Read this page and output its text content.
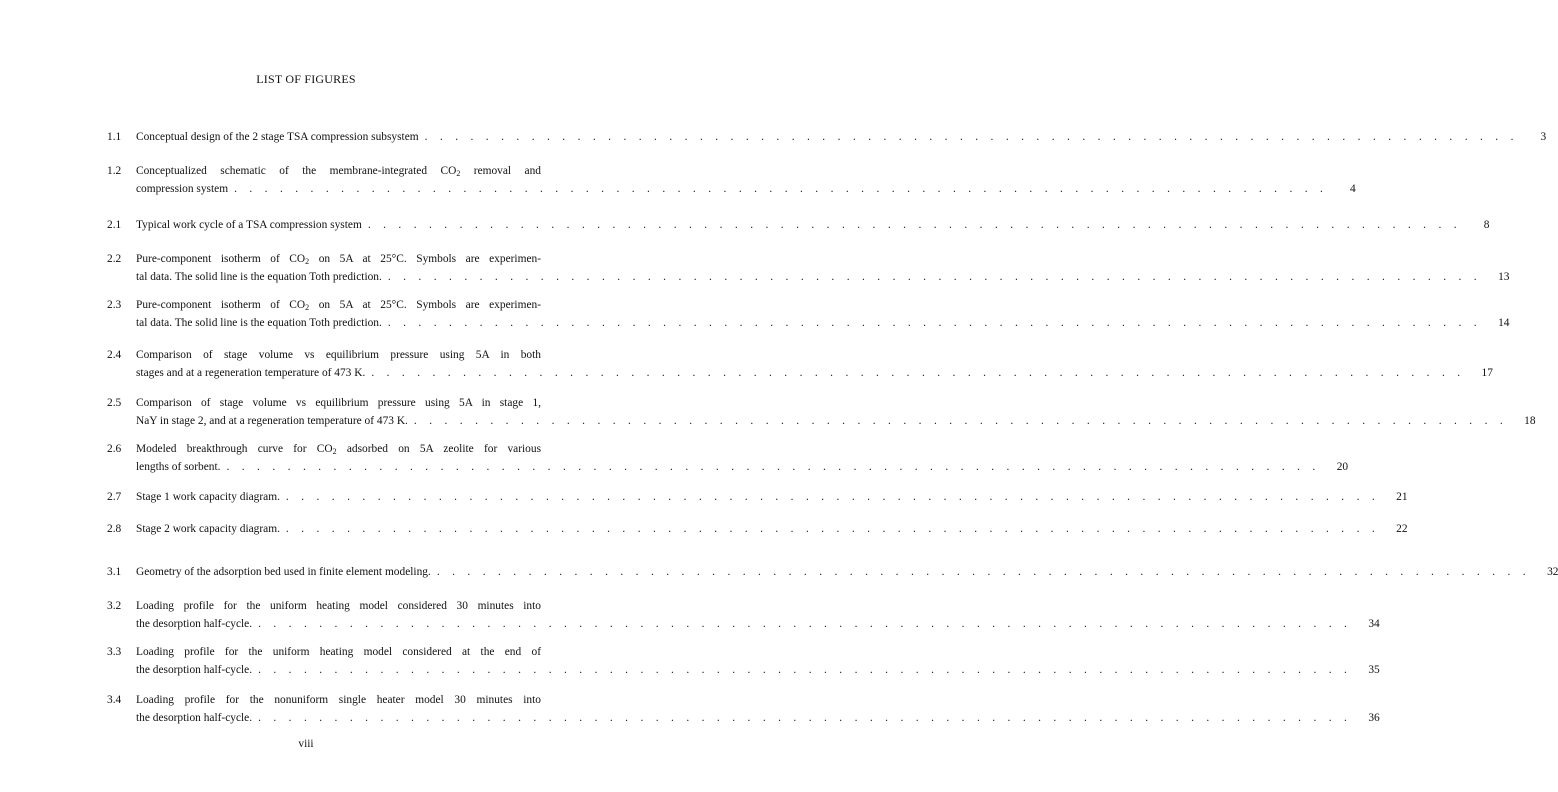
LIST OF FIGURES
1.1	Conceptual design of the 2 stage TSA compression subsystem . . . . . . . . . . . . . . . . . . . . . . . . . . . . . . . . . . . . . . . . . . . . . . . . . . . . . . . . . . . . . . . . . . . . . . . .	3
1.2	Conceptualized schematic of the membrane-integrated $CO_2$ removal and
compression system . . . . . . . . . . . . . . . . . . . . . . . . . . . . . . . . . . . . . . . . . . . . . . . . . . . . . . . . . . . . . . . . . . . . . . . .	4
2.1	Typical work cycle of a TSA compression system . . . . . . . . . . . . . . . . . . . . . . . . . . . . . . . . . . . . . . . . . . . . . . . . . . . . . . . . . . . . . . . . . . . . . . . .	8
2.2	Pure-component isotherm of $CO_2$ on 5A at 25°C. Symbols are experimen-
tal data. The solid line is the equation Toth prediction. . . . . . . . . . . . . . . . . . . . . . . . . . . . . . . . . . . . . . . . . . . . . . . . . . . . . . . . . . . . . . . . . . . . . . . . .	13
2.3	Pure-component isotherm of $CO_2$ on 5A at 25°C. Symbols are experimen-
tal data. The solid line is the equation Toth prediction. . . . . . . . . . . . . . . . . . . . . . . . . . . . . . . . . . . . . . . . . . . . . . . . . . . . . . . . . . . . . . . . . . . . . . . . .	14
2.4	Comparison of stage volume vs equilibrium pressure using 5A in both
stages and at a regeneration temperature of 473 K. . . . . . . . . . . . . . . . . . . . . . . . . . . . . . . . . . . . . . . . . . . . . . . . . . . . . . . . . . . . . . . . . . . . . . . . .	17
2.5	Comparison of stage volume vs equilibrium pressure using 5A in stage 1,
NaY in stage 2, and at a regeneration temperature of 473 K. . . . . . . . . . . . . . . . . . . . . . . . . . . . . . . . . . . . . . . . . . . . . . . . . . . . . . . . . . . . . . . . . . . . . . . . .	18
2.6	Modeled breakthrough curve for $CO_2$ adsorbed on 5A zeolite for various
lengths of sorbent. . . . . . . . . . . . . . . . . . . . . . . . . . . . . . . . . . . . . . . . . . . . . . . . . . . . . . . . . . . . . . . . . . . . . . . . .	20
2.7	Stage 1 work capacity diagram. . . . . . . . . . . . . . . . . . . . . . . . . . . . . . . . . . . . . . . . . . . . . . . . . . . . . . . . . . . . . . . . . . . . . . . . .	21
2.8	Stage 2 work capacity diagram. . . . . . . . . . . . . . . . . . . . . . . . . . . . . . . . . . . . . . . . . . . . . . . . . . . . . . . . . . . . . . . . . . . . . . . . .	22
3.1	Geometry of the adsorption bed used in finite element modeling. . . . . . . . . . . . . . . . . . . . . . . . . . . . . . . . . . . . . . . . . . . . . . . . . . . . . . . . . . . . . . . . . . . . . . . . .	32
3.2	Loading profile for the uniform heating model considered 30 minutes into
the desorption half-cycle. . . . . . . . . . . . . . . . . . . . . . . . . . . . . . . . . . . . . . . . . . . . . . . . . . . . . . . . . . . . . . . . . . . . . . . . .	34
3.3	Loading profile for the uniform heating model considered at the end of
the desorption half-cycle. . . . . . . . . . . . . . . . . . . . . . . . . . . . . . . . . . . . . . . . . . . . . . . . . . . . . . . . . . . . . . . . . . . . . . . . .	35
3.4	Loading profile for the nonuniform single heater model 30 minutes into
the desorption half-cycle. . . . . . . . . . . . . . . . . . . . . . . . . . . . . . . . . . . . . . . . . . . . . . . . . . . . . . . . . . . . . . . . . . . . . . . . .	36
viii
